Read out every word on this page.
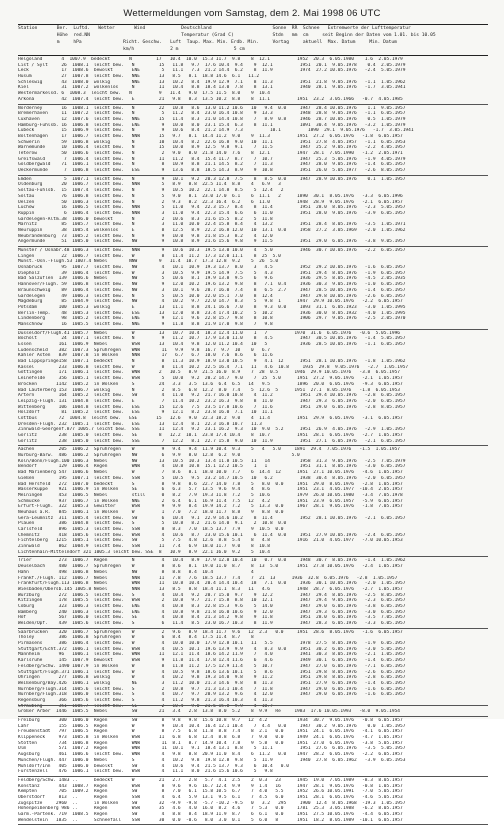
Wettermeldungen vom Samstag, dem 2. Mai 1998 06 UTC
Station       Ber.  Luftd.   Wetter       Wind             Deutschland                      Sonne  RR  Schnee   Extremwerte der Lufttemperatur
Höhe  red.NN                                 Temperatur (Grad C)              Stdn   mm  cm     seit Beginn der Daten vom 1.01. bis 10.05
m     hPa               Richt. Geschw.   Luft  Taup. Max. Min. Erdb. Min.     Vortag     aktuell  Max. Datum     Min. Datum
km/h             2 m                    5 cm
Helgoland       4  1007.9  bedeckt       N         17   10.4  10.0  15.3 11.7  9.8    8  12.1          1952  20.3  6.05.1980    1.6  2.05.1979
List / Sylt     26  1008.1  leicht bew.   N         15   11.8   9.7  17.6 10.4  9.4    9  12.1          1951  20.1  9.05.1978    0.4  2.05.1979
Leck            17  1008.6  bewölkt       ENE        5   11.1   7.3  21.2 14.4  6.2    8  11.9          1974  27.2 10.05.1976   -2.4  5.05.1979
Husum           27  1007.8  leicht bew.   NNE       13   8.5   8.1  18.8 14.6  6.1   11.2
Schleswig       43  1008.0  wolkig        NNE       13   10.2   8.4  19.9 12.9  7.1    8  11.3          1951  21.8  9.05.1976   -1.1  1.05.1962
Kiel            31  1007.2  wolkenlos     N         11   10.4   8.8  18.4 13.0  7.8    8  13.1          1940  28.1  9.05.1976   -1.7  3.05.1941
Westermarkelsd. 6  1008.3  leicht bew.   N          9   11.4   9.0  17.5 11.5  8.0    9  10.4
Arkona          42  1007.4  leicht bew.   E         21   9.8   8.3  13.5 10.2  8.8    8  11.1          1951  23.2  3.05.1966   -0.7  4.05.1985
Norderney       16  1008.1  leicht bew.   N         22   10.8   8.6  13.0 11.2 10.6   10   9.4  0.0     1947  28.4 10.05.1976    1.1  9.05.1957
Bremerhaven     11  1007.2  leicht bew.   N          5   11.2   8.4  23.0 16.4 10.8    9  13.3          1948  28.8  9.05.1976   -1.1  6.05.1957
Cuxhaven        12  1007.6  leicht bew.   NNE       15   11.4   8.3  21.0 14.4 10.8    7   8.9  0.8     1946  28.7 10.05.1976    0.5  1.05.1979
Hamburg-Fuhlsb. 16  1006.8  leicht bew.   ENE        9   10.0   8.0  23.1 15.4  6.3    8  11.1          1891  30.4  9.05.1976   -3.2  1.05.1979
Lübeck          15  1006.9  leicht bew.   N          9   10.6   8.4  21.2 14.9  7.3          10.1          1890  29.1  9.05.1976   -1.7  3.05.1941
Boltenhagen     17  1006.7  leicht bew.   NNW       15   9.7   8.1  14.4 11.2  9.0    9  11.3          1951  27.2  6.05.1976   -1.8  6.05.1957
Schwerin        59  1006.8  wolkig        N         10   10.4   8.2  22.6 16.8  9.0   10  11.1          1951  27.8  4.05.1957   -1.1  6.05.1953
Warnemünde      10  1006.4  leicht bew.   N         15   10.0   8.9  12.5  9.8  9.1    7  11.5          1947  25.2  9.05.1976   -2.2  4.05.1957
Teterow         50  1006.6  leicht bew.   N          2   9.0   8.0  21.8 14.0  7.6    8  12.1          1947  28.1  7.05.1990   -1.2  2.05.1971
Greifswald       7  1006.4  leicht bew.   N         11   11.2   8.4  15.4 11.7  8.7    7  10.7          1947  25.3  5.05.1976   -1.9  4.05.1979
Goldbergwald    71  1006.1  leicht bew.   N          8   10.9   8.8  21.1 14.5  8.2    7  11.3          1947  28.0  9.05.1976   -1.4  6.05.1957
Ueckermünde      7  1006.8  leicht bew.   ESE        9   13.6   8.8  18.5 14.3  8.9    9  10.8          1951  26.0  5.05.1977   -2.6  8.05.1957
Emden            5  1007.1  leicht bew.   N          9   10.1   9.2  20.3 12.8  7.5    8   8.5  0.0     1947  28.9 10.05.1976    0.1  1.05.1957
Oldenburg       20  1006.7  leicht bew.   NNW        5   8.9   8.8  22.5 11.4  8.8    4   6.9   3
Soltau-Fuhlsb.  15  1007.4  leicht bew.   N          9   10.5  10.2  22.1 14.8  8.5    5  12.4   2
Soltau          76  1006.8  leicht bew.   N          5   9.0   8.1  23.0 17.0  6.1    6  11.1   2      1890  30.1  8.05.1976   -3.3  6.05.1996
Uelzen          50  1006.3  leicht bew.   N          2   9.3   8.2  22.3 16.4  6.2    6  11.0          1948  28.9  9.05.1976   -2.1  6.05.1957
Lüchow          16  1006.5  leicht bew.   NNW        5   11.0   9.4  22.3 15.7  8.4    8  11.4          1951  28.0  8.05.1976   -2.3  5.05.1957
Ruppin           6  1006.4  leicht bew.   NNW        3   11.0   9.4  22.3 15.4  6.6    6  11.0          1951  28.0  9.05.1976   -3.9  6.05.1957
Gardelegen-Altm.38  1006.0  bewölkt       N          2   10.6   8.3  21.6 15.5  8.2    5  11.8
Marnitz         85  1005.7  leicht bew.   N          3   11.0  10.0  22.4 15.8  8.4    4  13.2          1951  28.4  8.05.1976   -3.5  1.05.1971
Neuruppin       38  1005.4  wolkenlos     E          8   12.5   8.9  22.2 16.8 12.0   10  13.1  0.0     1958  27.2  3.05.1969   -2.0  1.05.1962
Neubrandenburg  73  1005.2  leicht bew.   N          9   10.0   9.8  21.8 15.3  8.2    4  12.0
Angermünde      51  1005.0  leicht bew.   NW         9   10.8   8.9  21.6 15.6  9.8    9  11.5          1951  29.0  6.05.1976   -3.8  9.05.1957
Münster / Osnabr.48 1006.3  leicht bew.   NNW        9   10.6  10.3  19.5 13.0 10.0    4   5.0          1946  30.7 10.05.1976   -2.2  6.05.1957
Lingen          22  1006.7  leicht bew.   W          8   11.4  11.2  17.3 12.0 11.1    8  25  5.0
Münst.-Osn.-Flugh.53 1007.4 Nebel        NNW        9   11.4  10.7  17.3 12.8  9.2    5  26  5.0
Osnabrück       95  1007.7  leicht bew.   NW         4   10.1  10.9  19.3 13.7  8.0    3   4.5          1952  29.2 10.05.1976   -1.6  6.05.1957
Diepholz        39  1006.4  leicht bew.   W          3   10.5   9.9  19.5 14.9  7.5    5   4.3          1951  29.4  8.05.1976   -1.9  6.05.1957
Bad Salzuflen  139  1006.6  Nebel         NW         5   10.6   8.1  19.9 13.8  9.5    6   9.6          1936  29.5  8.05.1976   -4.5  2.05.1935
Hannover/Flugh. 59  1006.8  leicht bew.   NW         9   12.0  10.2  19.6 13.2  9.8    8   7.1  0.4     1936  30.3  9.05.1976   -1.0  6.05.1957
Braunschweig    89  1006.4  leicht bew.   NW         3   10.1   9.6  20.7 16.0  7.4    8   6.5  2.7     1947  28.5 10.05.1976   -1.4  6.05.1957
Gardelegen      49  1006.3  leicht bew.   N          5   10.5  10.0  22.0 15.1  7.0    8  12.4          1947  29.8 10.05.1976   -2.6  6.05.1957
Magdeburg       85  1004.9  leicht bew.   NW         4   10.2   9.7  22.0 14.7  8.3    5   9.8  1      1947  29.9 10.05.1976   -2.2  6.05.1957
Potsdam        100  1005.3  wolkig        E         13   11.1   8.8  24.1 16.6  7.0    8   9.3  0.0     1893  31.1  6.05.1923   -3.0  1.05.1995
Berlin-Temp.    48  1005.3  leicht bew.   ESE       13   12.0   8.8  23.4 17.4 10.2    5  10.2          1936  30.0  8.05.1932   -4.0  1.05.1995
Lindenberg      98  1005.2  leicht bew.   ENE        9   12.1   9.6  22.8 15.7  9.8    8  10.8          1906  29.7  9.05.1976   -2.5  2.05.1970
Manschnow       16  1005.5  leicht bew.   NNE        9   11.8   8.8  21.9 17.0  9.8    7   9.8
Düsseldorf/Flugh.41 1005.7  Nebel         W         13   10.7  10.4  18.3 12.4 11.0    1   7          1970  31.6  6.05.1976   -0.6  5.05.1996
Bocholt         24  1007.1  leicht bew.   N          9   11.2  10.7  17.9 13.0 11.0    8   4.5          1947  30.5 10.05.1976   -1.4  5.05.1957
Essen          161  1006.9  Nebel         WSW       13   10.4   9.8  12.0 11.2 10.4   10   5            1936  28.5 10.05.1976   -1.1  6.05.1957
Lüdenscheid    382  1007.3  Sprühregen    WNW        11   9.9   9.8  16.7  9.7  10    0   6.7
Kahler Asten   839  1007.8  in Wolken     NNW        17   6.7   6.7  10.0  7.6  8.6    6  11.6
Bad Lippspringe158  1007.1  bedeckt       N          8   11.3  10.9  18.9 13.0 10.5    9   4.1  12      1951  28.1 10.05.1976   -1.8  1.05.1962
Kassel         233  1006.8  leicht bew.   W          8   11.4  10.2  22.5 16.4  7.1   11   4.6  10.8     1935  29.8  9.05.1976   -2.7  1.05.1957
Göttingen      171  1006.1  leicht bew.   WNW       2   10.5   8.9  21.5 16.0  8.9    7  28  0.5      1946  29.9 10.05.1976   -3.8  6.05.1957
Leinefelde     356  1005.1  leicht bew.   WSW        5   10.0   9.2  20.2 14.7  9.0    7  25  5.0      1951  27.2  9.05.1976   -2.1  1.05.1957
Brocken       1142  1005.2  in Wolken     S         24   3.3   3.5  13.6  6.4  6.5   14   9.5          1896  20.0  6.05.1976   -9.3  6.05.1957
Bad Lauterberg 153  1006.7  wolkig        N          2   8.5   6.8  12.2  8.0  7.4    5  12.6  5      1951  27.1  8.05.1976   -1.8  6.05.1953
Artern         164  1005.2  leicht bew.   SW         4   11.0   9.2  21.7 16.0 10.8    4  11.2          1951  29.4 10.05.1976   -2.8  6.05.1957
Leipzig-Flugh. 131  1004.8  leicht bew.   E          7   11.4  10.2  23.2 16.3  9.8    8  11.0          1947  29.3  6.05.1976   -2.0  6.05.1957
Wittenberg     106  1004.8  leicht bew.   ESE       15   12.6   7.5  23.5 17.8 10.6    7  11.6          1951  29.0  6.05.1976   -2.8  8.05.1957
Holzdorf        81  1005.2  leicht bew.   ESE        9   12.1   8.2  23.8 16.0  7.1   10  11.1
Cottbus        72  1004.8  leicht bew.   ESE       15   12.6   9.0  22.3 18.2  9.0    4  11.4          1951  29.9  6.05.1976   -3.1  6.05.1957
Dresden-Flugh. 232  1005.1  leicht bew.   ESE       13   12.4   8.1  22.3 16.8 10.7   11.3
Zinnwald-Georgenf.877 1005.7 leicht bew.  SSE       11   12.4   9.2  23.1 16.2  9.3   10  9.0  5.2      1951  26.9  4.05.1976   -2.9  1.05.1957
Görlitz        238  1005.0  leicht bew.   SE        8   12.2  10.1  23.8 17.4 10.4    8  10.7          1951  28.1  6.05.1976   -2.7  1.05.1957
Görlitz        238  1005.0  leicht bew.   SSE        7   12.2   8.1  22.7 15.8  9.0   10  11.9          1951  27.1  6.05.1976   -2.1  6.05.1957
Aachen         205  1006.2  Sprühregen    W          9   9.4   9.4  11.9 10.4  9.3    5   4   5.0     1891  29.4  7.05.1976   -1.5  1.05.1957
Nürburg-Barw.  486  1006.2  Sprühregen    NW         6   9.9   8.0  12.8  6.2  9.0                   5.0
Köln/Bonn/Flugh.100 1006.3  Nebel         NW        13   10.5  10.3  13.4 11.8 10.5   11   14           1958  31.3  9.05.1976   -2.5  7.05.1979
Bendorf        129  1006.4  Regen         WNW        4   10.8  10.8  15.1 12.2 10.5    1   1            1951  31.1  8.05.1976   -3.0  6.05.1957
Bad Marienberg 547  1006.6  Nebel         W          7   8.6   8.1  18.0 10.0  7.7    6  14.4  12      1951  27.1 10.05.1976   -4.6  1.05.1957
Gießen         195  1007.1  leicht bew.   SSW        5   10.5   9.5  23.2 14.7 10.5   10   6.2          1938  30.4  8.05.1976   -2.0  6.05.1957
Bad Hersfeld   272  1007.0  bedeckt       S          8   9.8   8.6  22.7 14.0  7.8    5   8.0  0.0     1951  29.0  8.05.1976   -2.8  1.05.1957
Wasserkuppe    921  1006.9  in Wolken     SE         6   6.3   5.7  13.5  9.6  9.4    4   8.6          1951  23.1  4.05.1977  -10.4  2.05.1957
Meiningen      453  1006.5  Nebel         still      0   8.2   7.9  19.3 11.8  7.2    5  10.6          1979  26.0 10.05.1980   -3.4  7.05.1978
Schmücke       937  1006.7  in Wolken     NNE        2   6.4   6.1  16.9 11.4  7.5   12   4.2          1951  23.9  6.05.1957   -5.9  6.05.1957
Erfurt-Flugh.  322  1005.3  Gewitter      WSW        9   9.9   8.4  19.9 14.2  7.2    5  13.3  0.0     1967  28.1  9.05.1976   -1.8  7.05.1957
Neuhaus a.R.   845  1006.1  in Wolken     W          1   7.0   7.2  18.0 11.7  8.8    9   8.8  0.0
Gera-Leumnitz  311  1005.4  leicht bew.   SW         6   10.4   9.1  22.9 14.6 10.2    8  11.4          1952  28.1 10.05.1976   -2.1  6.05.1957
Plauen         386  1004.8  leicht bew.   S          5   10.8   8.2  21.6 14.0  9.1    2  10.8  0.0
Carlsfeld      896  1005.3  leicht bew.   SSW        8   8.3   7.0  18.5 13.7  7.9    9  10.5  0.0
Chemnitz       418  1005.6  leicht bew.   WSW        4   10.6   8.7  23.0 15.6 10.1    6  11.4  0.0     1951  27.9 10.05.1976   -2.4  6.05.1957
Fichtelberg   1215  1005.1  leicht bew.   SW         5   7.5   4.8  12.6  8.8  5.4    8   4.8          1916  21.0  4.05.1977   -7.0 10.05.1953
Zinnwald       862  1004.9  leicht bew.   SSW       11   7.4   6.9  18.0 11.7  9.0    8  10.8
Lichtenhain-Mittelndorf 321 1005.3 leicht bew. SSE  8   10.9   8.9  22.1 16.0  9.2    5  10.4
Trier          273  1006.7  Regen         N          4   10.4   8.9  17.9 12.8 10.4   10   0.7  0.0     1948  30.7  8.05.1976   -1.4  1.05.1962
Deuselbach     480  1006.7  Sprühregen    W          8   8.6   8.1  19.0 11.0  8.7    8  13  5.0       1951  27.8 10.05.1976   -2.4  1.05.1957
Hahn           498  1006.8  Nebel         NW         8   8.8   8.4  10.4              4
Frankf./Flugh. 112  1006.7  Nebel         NNW       11   7.8   7.6  18.5 13.7  7.4    7  21  13      1936  32.8  6.05.1976   -2.8  1.05.1957
Frankfurt/Flugh.113 1006.8  Nebel         WNW       11   10.8  10.4  20.4 14.4 10.4   18   7.1  0.0     1936  30.1 10.05.1976   -2.0  1.05.1957
Wiesbaden/Obersb.145 1005.8 Nebel         NNW       13   8.5   8.8  18.4 11.1  8.3   11   4.6          1948  28.7  6.05.1976   -2.7  1.05.1957
Würzburg       272  1006.5  leicht bew.   S          4   10.4   9.2  20.7 15.0  9.7    9  12.2          1947  29.4  8.05.1976   -2.5  8.05.1957
Kitzingen      178  1005.5  leicht bew.   WSW        2   10.8   9.7  21.7 15.8  8.8   10  12.1          1947  29.4  9.05.1976   -2.3  6.05.1957
Coburg         323  1006.3  leicht bew.   ENE        4   10.8   8.3  22.8 15.3  9.6    5  14.0          1947  29.0  6.05.1976   -3.8  6.05.1957
Bamberg        240  1006.3  leicht bew.   ENE        4   10.8   9.8  21.8 16.0 10.6    9  12.0          1947  29.3  6.05.1976   -3.0  6.05.1957
Hof            567  1006.0  leicht bew.   SE         4   10.8   8.4  21.3 14.2  9.8    9  11.8          1951  28.0  6.05.1976   -3.5  7.05.1957
Weiden/Opf.    439  1005.6  leicht bew.   S          6   11.4   8.5  23.0 16.7 10.3    8  11.9          1947  28.3  6.05.1976   -3.3  6.05.1957
Saarbrücken    320  1006.7  Sprühregen    W          2   9.6   8.9  18.4 11.7  9.6   12  2.3   0.0     1951  28.6  8.05.1976   -1.6  6.05.1957
Tholey         386  1006.8  Sprühregen    W          6   8.4   8.4  17.5 11.4  8.7    8
Pirmasens      386  1006.4  leicht bew.   W          4   10.0  10.0  17.9 12.8 10.1   11   5.5          1978  27.5  8.05.1976   -1.9  6.05.1957
Stuttgart/Echt.372  1006.1  leicht bew.   WSW        4   10.5  10.1  19.6 13.9  9.9    4   8.3  0.0     1951  30.2  6.05.1976   -3.0  5.05.1957
Mannheim       96   1006.1  leicht bew.   WNW       11   12.1  11.4  18.6 14.2 11.9    7   4.0          1941  30.3  8.05.1976   -2.1  1.05.1957
Karlsruhe      145  1007.9  bewölkt       WSW        9   11.8  11.4  17.8 12.4 11.6    6   4.6          1949  30.1  6.05.1976   -1.4  6.05.1957
Feldberg/Schw. 1490 1007.9  in Wolken     W          8   11.8  11.2  17.5 12.9 11.4    5  10.7          1947  27.0  6.05.1976   -7.1  6.05.1957
Stuttgart/Flugh.371 1006.1  leicht bew.   W          4   10.5   9.8  18.6 13.6 10.1    5   8.6          1951  29.8  8.05.1976   -2.6  6.05.1957
Öhringen       277  1006.8  wolkig        W          4   10.2   9.8  19.3 14.0  9.8    9  11.2          1951  29.8  8.05.1976   -2.8  6.05.1957
Weißenburg/Bay.426  1006.1  wolkig        NE         3   11.2  10.0  21.3 14.6  9.8    8  11.3          1951  27.9  6.05.1976   -1.4  6.05.1957
Nürnberg/Flugh.314  1005.6  leicht bew.   S          2   10.8   9.7  21.3 13.1 10.4    7  11.8          1947  29.0  6.05.1976   -1.6  6.05.1957
Nürnberg/Flugh.318  1006.0  leicht bew.   S          4   10.7   9.7  20.9 13.2  9.6    4  12.0          1947  29.0  6.05.1976   -1.6  6.05.1957
Regensburg     366  1005.6  leicht bew.   S          4   11.2   9.8  21.3 16.4 10.3    4  11.3
Straubing      351  1005.7  leicht bew.   SE         2   10.4   9.0  21.6 15.8  9.9    4  10.7
Großer Arber  1446  1005.5  Nebel         SW        21   3.4   2.8  13.8  8.0  5.2    8  9.9   Re     1983  17.6 10.05.1993   -8.0  9.05.1954
Freiburg       300  1006.0  Regen         SW         8   9.8   9.8  15.6 10.8  9.7   12  4.2           1934  30.7  9.05.1976   -0.8  6.05.1957
Lahr           155  1006.5  Regen         W          9   10.4  10.4  16.4 12.1 10.4    7  4.4   0.0     1947  30.2  9.05.1976    0.0  1.05.1957
Freudenstadt   797  1006.5  Regen         W          8   7.5   6.8  11.8  8.8  7.4    8  2.1   0.0     1951  24.1  6.05.1976   -4.1  6.05.1957
Klippeneck     973  1005.8  in Wolken     WSW       11   6.8   6.8  12.4  8.8  6.8    7  9.0   0.0     1949  24.1  6.05.1976   -4.7  1.05.1957
Stötten        734  1006.8  Regen         WNW        11  8.1   8.7  14.9 10.4  7.8    9  5.8   0.0     1951  27.0  6.05.1976   -3.8  5.05.1957
Ulm            571  1007.2  Regen         WNW        11  10.1   9.1  18.4 13.1  8.8    5  11.1          1951  27.6  6.05.1976   -3.5  5.05.1957
Augsburg       461  1006.6  leicht bew.   WNW        4   9.8   8.8  20.9 11.0  8.4    6  11.2   0.0    1947  28.2  6.05.1976   -2.2  6.05.1957
München/Flugh. 447  1006.0  Nebel         S          4   10.2   9.8  19.8 12.8  9.8    5  11.9          1940  27.8  6.05.1962   -3.9  6.05.1953
Mühldorf/Inn   405  1006.0  bewölkt       SW         4   10.6   9.4  21.5 13.7  9.3    6  10.4   0.0
Fürstenzell    476  1006.1  leicht bew.   WSW        4   11.1   8.0  21.6 15.6 10.6    5   9.8
Feldberg/Schw. 1483 ..      bedeckt       W         21   2.7   2.8   5.7  4.1  2.5    2  0.3   23      1945  19.0  7.05.1989   -8.3  8.05.1957
Konstanz       443  1008.7  Regen         WSW        8   9.6   9.6  16.7 12.4  9.9    9  1.4   16      1947  28.1  9.05.1976   -0.8  1.05.1957
Kempten        705  1009.2  Regen         SW         8   7.0   6.1  15.8 10.5  6.7    7  4.0   5.5     1952  26.6 10.05.1991   -7.0  5.05.1957
Oberstdorf     813  ..      Regen         SSW        4   6.4   5.9  13.1  9.5  6.1    7  4.5   6.0     1951  28.1  6.05.1976   -4.6  5.05.1953
Zugspitze     2960  ..      in Wolken     SW        32  -9.9  -9.8  -5.7 -10.2 -9.5   0   3.2   295     1900  12.4  8.05.1968  -19.3  1.05.1957
Hohenpeißenberg 986 ..      Regen         WSW       35   4.6   4.0  16.0  8.2  4.6    7  5.3   0.0     1781  25.3  3.05.1988   -6.2  8.05.1957
Garm.-Partenk. 719  1008.5  Regen         SW         4   8.8   8.4  18.9 11.9  8.7    6  6.1   0.0     1951  27.5 10.05.1976   -4.4  6.05.1957
Wendelstein   1835  ..      Schneefall    SSW       30   0.0  -0.6   8.0  3.0  0.1    5  6.0   8       1951  18.2  8.05.1989  -10.1  6.05.1957
